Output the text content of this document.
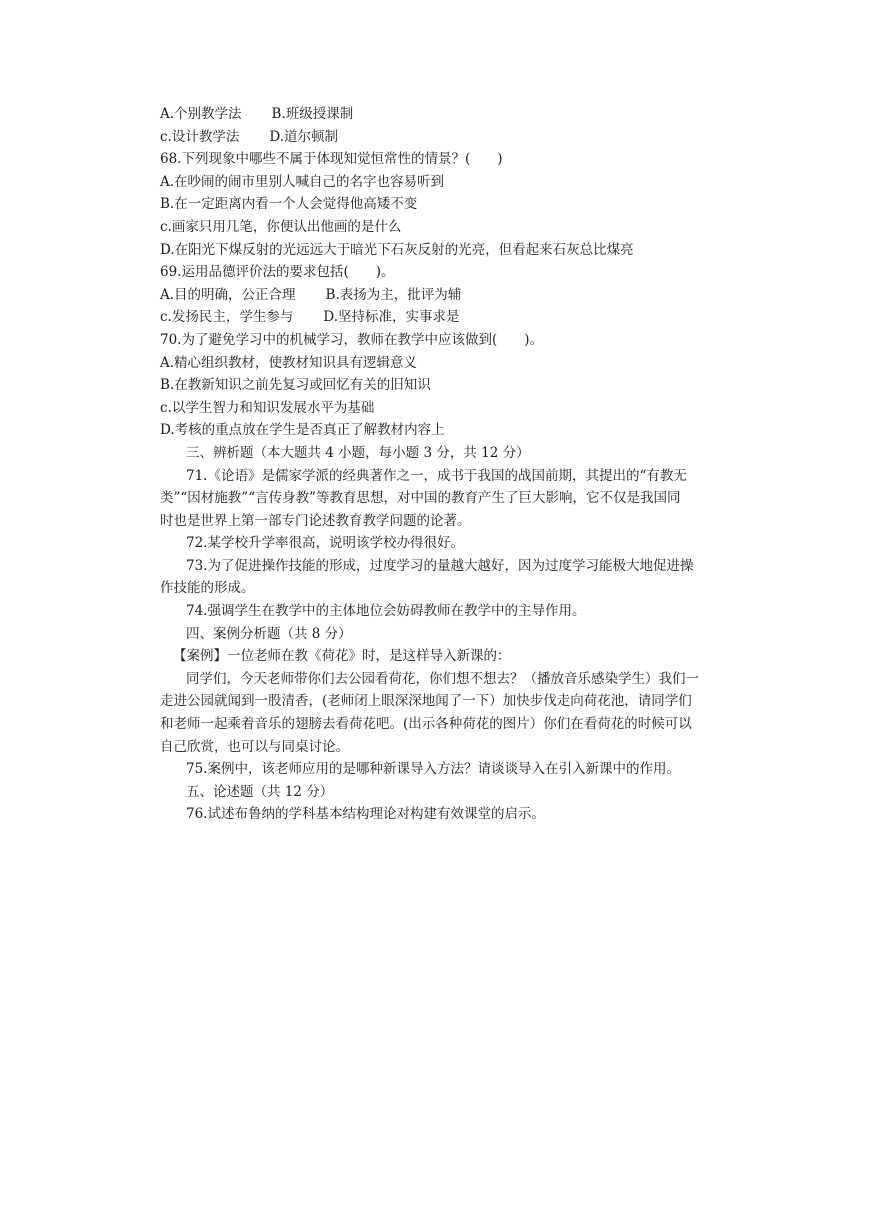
A.个别教学法 B.班级授课制
c.设计教学法 D.道尔顿制
68.下列现象中哪些不属于体现知觉恒常性的情景？(　　)
A.在吵闹的闹市里别人喊自己的名字也容易听到
B.在一定距离内看一个人会觉得他高矮不变
c.画家只用几笔，你便认出他画的是什么
D.在阳光下煤反射的光远远大于暗光下石灰反射的光亮，但看起来石灰总比煤亮
69.运用品德评价法的要求包括(　　)。
A.目的明确，公正合理 B.表扬为主，批评为辅
c.发扬民主，学生参与 D.坚持标准，实事求是
70.为了避免学习中的机械学习，教师在教学中应该做到(　　)。
A.精心组织教材，使教材知识具有逻辑意义
B.在教新知识之前先复习或回忆有关的旧知识
c.以学生智力和知识发展水平为基础
D.考核的重点放在学生是否真正了解教材内容上
三、辨析题（本大题共 4 小题，每小题 3 分，共 12 分）
71.《论语》是儒家学派的经典著作之一，成书于我国的战国前期，其提出的“有教无
类”“因材施教”“言传身教”等教育思想，对中国的教育产生了巨大影响，它不仅是我国同
时也是世界上第一部专门论述教育教学问题的论著。
72.某学校升学率很高，说明该学校办得很好。
73.为了促进操作技能的形成，过度学习的量越大越好，因为过度学习能极大地促进操
作技能的形成。
74.强调学生在教学中的主体地位会妨碍教师在教学中的主导作用。
四、案例分析题（共 8 分）
【案例】一位老师在教《荷花》时，是这样导入新课的：
同学们，今天老师带你们去公园看荷花，你们想不想去？（播放音乐感染学生）我们一
走进公园就闻到一股清香，(老师闭上眼深深地闻了一下）加快步伐走向荷花池，请同学们
和老师一起乘着音乐的翅膀去看荷花吧。(出示各种荷花的图片）你们在看荷花的时候可以
自己欣赏，也可以与同桌讨论。
75.案例中，该老师应用的是哪种新课导入方法？请谈谈导入在引入新课中的作用。
五、论述题（共 12 分）
76.试述布鲁纳的学科基本结构理论对构建有效课堂的启示。
